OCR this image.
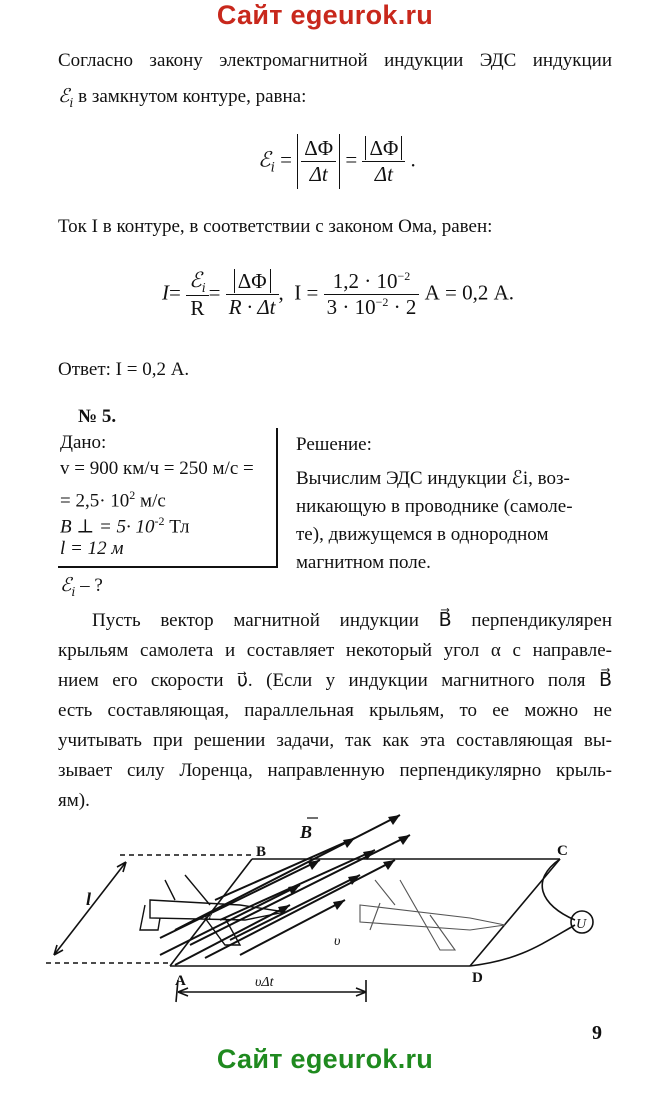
Сайт egeurok.ru
Согласно закону электромагнитной индукции ЭДС индукции
ℰ$_i$ в замкнутом контуре, равна:
ℰ$_i$ = $\frac{\Delta\Phi}{\Delta t} = \frac{\Delta\Phi}{\Delta t}$ .
Ток I в контуре, в соответствии с законом Ома, равен:
$I= \frac{ℰ_i}{R} = \frac{\Delta\Phi}{R \cdot \Delta t}$ ,  $I = \frac{1,2 \cdot 10^{-2}}{3 \cdot 10^{-2} \cdot 2}$ А = 0,2 А.
Ответ: I = 0,2 А.
№ 5.
Дано:
v = 900 км/ч = 250 м/с =
= $2,5\cdot 10^2$ м/с
B ⊥ = $5\cdot 10^{-2}$ Тл
l = 12 м
ℰ$_i$ – ?
Решение:
Вычислим ЭДС индукции ℰi, воз-
никающую в проводнике (самоле-
те), движущемся в однородном
магнитном поле.
Пусть вектор магнитной индукции B⃗ перпендикулярен
крыльям самолета и составляет некоторый угол α с направле-
нием его скорости υ⃗. (Если у индукции магнитного поля B⃗
есть составляющая, параллельная крыльям, то ее можно не
учитывать при решении задачи, так как эта составляющая вы-
зывает силу Лоренца, направленную перпендикулярно крыль-
ям).
B⃗
l
B	C
A	D
υΔt
α
υ⃗
U
9
Сайт egeurok.ru
